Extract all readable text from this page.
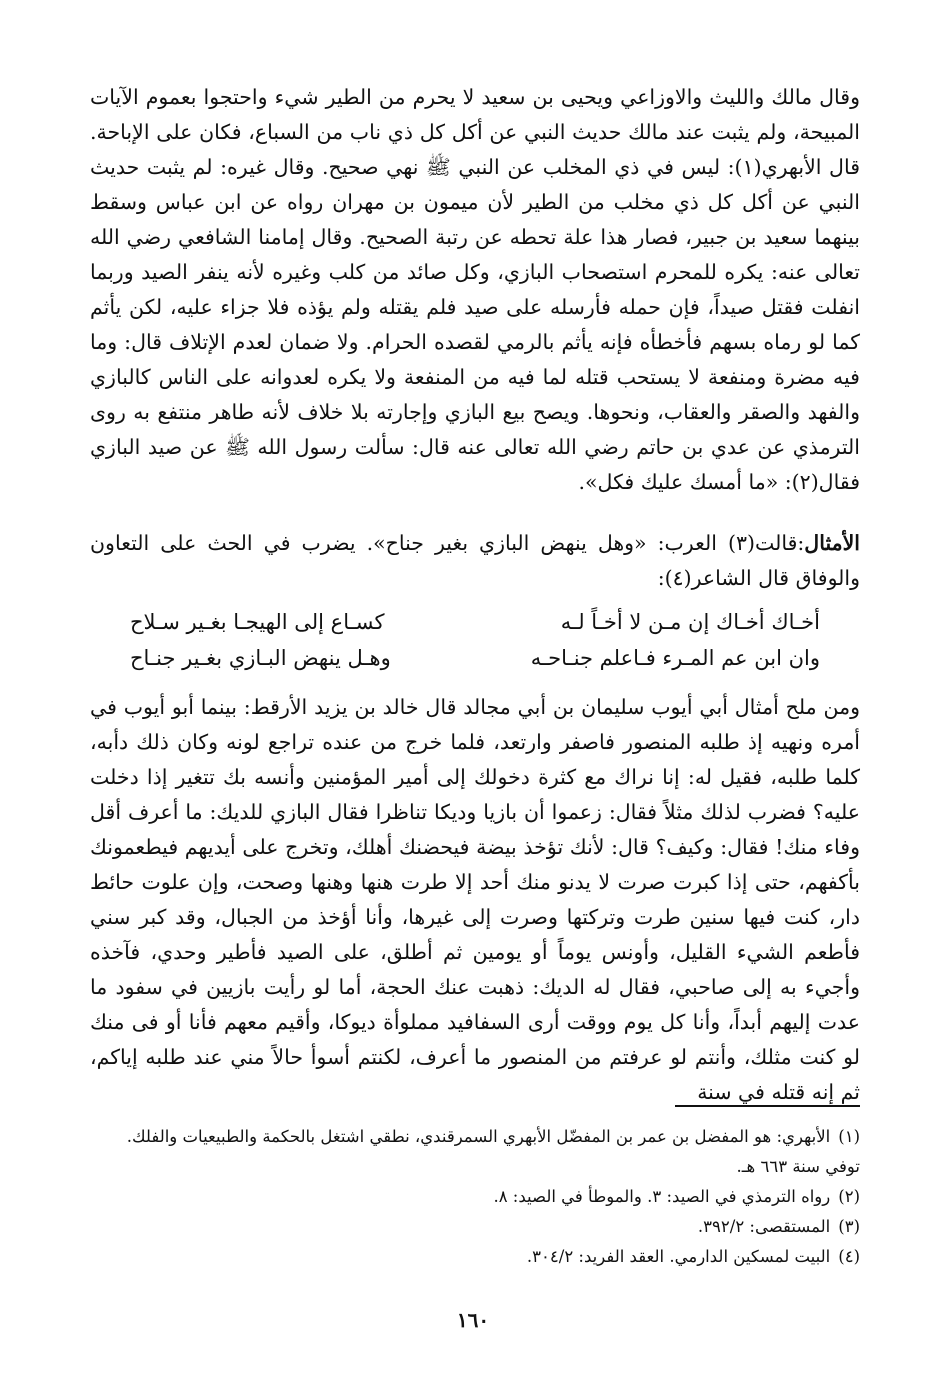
وقال مالك والليث والاوزاعي ويحيى بن سعيد لا يحرم من الطير شيء واحتجوا بعموم الآيات المبيحة، ولم يثبت عند مالك حديث النبي عن أكل كل ذي ناب من السباع، فكان على الإباحة. قال الأبهري(١): ليس في ذي المخلب عن النبي ﷺ نهي صحيح. وقال غيره: لم يثبت حديث النبي عن أكل كل ذي مخلب من الطير لأن ميمون بن مهران رواه عن ابن عباس وسقط بينهما سعيد بن جبير، فصار هذا علة تحطه عن رتبة الصحيح. وقال إمامنا الشافعي رضي الله تعالى عنه: يكره للمحرم استصحاب البازي، وكل صائد من كلب وغيره لأنه ينفر الصيد وربما انفلت فقتل صيداً، فإن حمله فأرسله على صيد فلم يقتله ولم يؤذه فلا جزاء عليه، لكن يأثم كما لو رماه بسهم فأخطأه فإنه يأثم بالرمي لقصده الحرام. ولا ضمان لعدم الإتلاف قال: وما فيه مضرة ومنفعة لا يستحب قتله لما فيه من المنفعة ولا يكره لعدوانه على الناس كالبازي والفهد والصقر والعقاب، ونحوها. ويصح بيع البازي وإجارته بلا خلاف لأنه طاهر منتفع به روى الترمذي عن عدي بن حاتم رضي الله تعالى عنه قال: سألت رسول الله ﷺ عن صيد البازي فقال(٢): «ما أمسك عليك فكل».

الأمثال:قالت(٣) العرب: «وهل ينهض البازي بغير جناح». يضرب في الحث على التعاون والوفاق قال الشاعر(٤):

أخـاك أخـاك إن مـن لا أخـاً لـه
كسـاع إلى الهيجـا بغـير سـلاح
وان ابن عم المـرء فـاعلم جنـاحـه
وهـل ينهض البـازي بغـير جنـاح

ومن ملح أمثال أبي أيوب سليمان بن أبي مجالد قال خالد بن يزيد الأرقط: بينما أبو أيوب في أمره ونهيه إذ طلبه المنصور فاصفر وارتعد، فلما خرج من عنده تراجع لونه وكان ذلك دأبه، كلما طلبه، فقيل له: إنا نراك مع كثرة دخولك إلى أمير المؤمنين وأنسه بك تتغير إذا دخلت عليه؟ فضرب لذلك مثلاً فقال: زعموا أن بازيا وديكا تناظرا فقال البازي للديك: ما أعرف أقل وفاء منك! فقال: وكيف؟ قال: لأنك تؤخذ بيضة فيحضنك أهلك، وتخرج على أيديهم فيطعمونك بأكفهم، حتى إذا كبرت صرت لا يدنو منك أحد إلا طرت هنها وهنها وصحت، وإن علوت حائط دار، كنت فيها سنين طرت وتركتها وصرت إلى غيرها، وأنا أؤخذ من الجبال، وقد كبر سني فأطعم الشيء القليل، وأونس يوماً أو يومين ثم أطلق، على الصيد فأطير وحدي، فآخذه وأجيء به إلى صاحبي، فقال له الديك: ذهبت عنك الحجة، أما لو رأيت بازيين في سفود ما عدت إليهم أبداً، وأنا كل يوم ووقت أرى السفافيد مملوأة ديوكا، وأقيم معهم فأنا أو فى منك لو كنت مثلك، وأنتم لو عرفتم من المنصور ما أعرف، لكنتم أسوأ حالاً مني عند طلبه إياكم، ثم إنه قتله في سنة

(١)الأبهري: هو المفضل بن عمر بن المفضّل الأبهري السمرقندي، نطقي اشتغل بالحكمة والطبيعيات والفلك. توفي سنة ٦٦٣ هـ.

(٢)رواه الترمذي في الصيد: ٣. والموطأ في الصيد: ٨.

(٣)المستقصى: ٣٩٢/٢.

(٤)البيت لمسكين الدارمي. العقد الفريد: ٣٠٤/٢.

١٦٠
